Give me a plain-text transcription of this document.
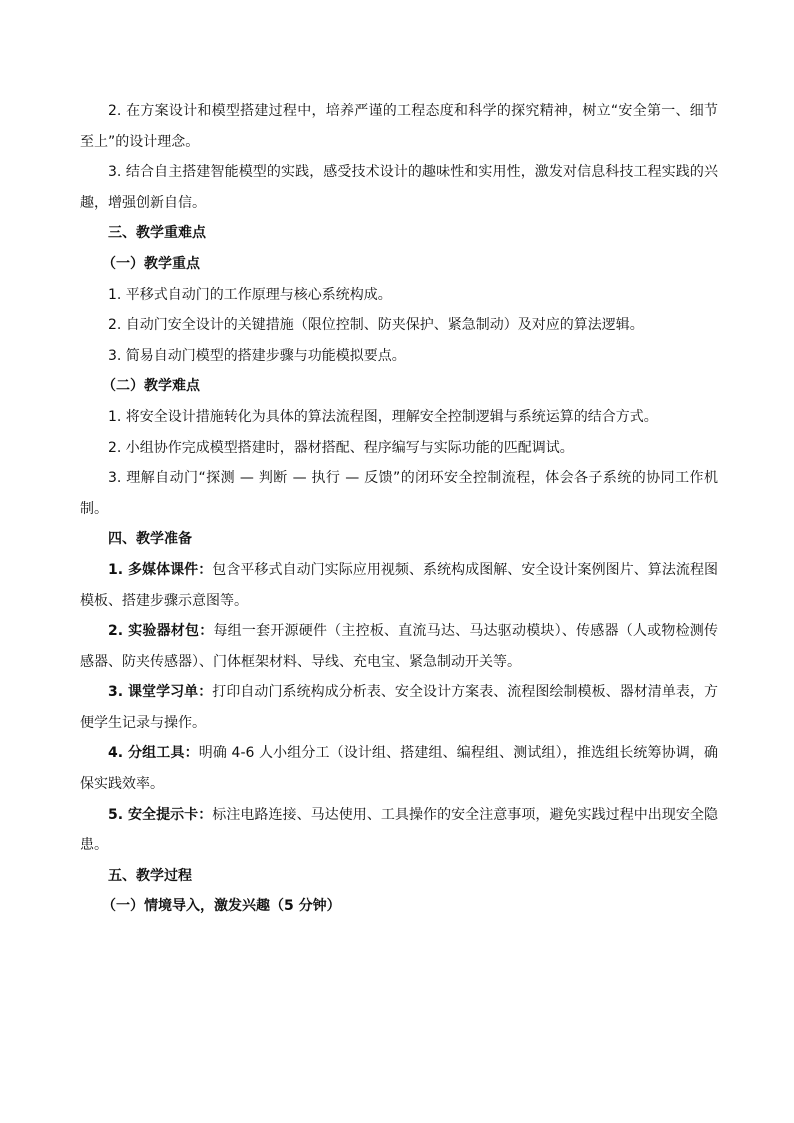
2. 在方案设计和模型搭建过程中，培养严谨的工程态度和科学的探究精神，树立“安全第一、细节至上”的设计理念。

3. 结合自主搭建智能模型的实践，感受技术设计的趣味性和实用性，激发对信息科技工程实践的兴趣，增强创新自信。

三、教学重难点

（一）教学重点

1. 平移式自动门的工作原理与核心系统构成。

2. 自动门安全设计的关键措施（限位控制、防夹保护、紧急制动）及对应的算法逻辑。

3. 简易自动门模型的搭建步骤与功能模拟要点。

（二）教学难点

1. 将安全设计措施转化为具体的算法流程图，理解安全控制逻辑与系统运算的结合方式。

2. 小组协作完成模型搭建时，器材搭配、程序编写与实际功能的匹配调试。

3. 理解自动门“探测 — 判断 — 执行 — 反馈”的闭环安全控制流程，体会各子系统的协同工作机制。

四、教学准备

1. 多媒体课件：包含平移式自动门实际应用视频、系统构成图解、安全设计案例图片、算法流程图模板、搭建步骤示意图等。

2. 实验器材包：每组一套开源硬件（主控板、直流马达、马达驱动模块）、传感器（人或物检测传感器、防夹传感器）、门体框架材料、导线、充电宝、紧急制动开关等。

3. 课堂学习单：打印自动门系统构成分析表、安全设计方案表、流程图绘制模板、器材清单表，方便学生记录与操作。

4. 分组工具：明确 4-6 人小组分工（设计组、搭建组、编程组、测试组），推选组长统筹协调，确保实践效率。

5. 安全提示卡：标注电路连接、马达使用、工具操作的安全注意事项，避免实践过程中出现安全隐患。

五、教学过程

（一）情境导入，激发兴趣（5 分钟）
